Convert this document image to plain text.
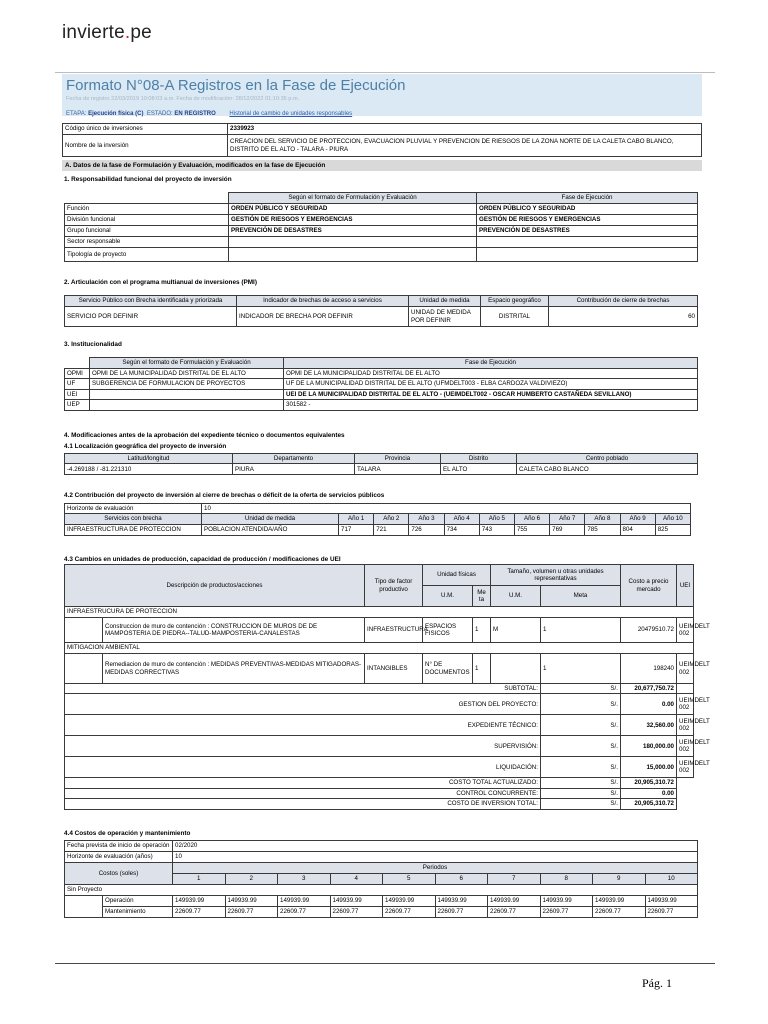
invierte.pe
Formato N°08-A Registros en la Fase de Ejecución
Fecha de registro 22/03/2019 10:08:03 a.m. Fecha de modificación: 28/12/2022 01:10:35 p.m.
ETAPA: Ejecución física (C) ESTADO: EN REGISTRO Historial de cambio de unidades responsables
Código único de inversiones	2339923
Nombre de la inversión	CREACION DEL SERVICIO DE PROTECCION, EVACUACION PLUVIAL Y PREVENCION DE RIESGOS DE LA ZONA NORTE DE LA CALETA CABO BLANCO, DISTRITO DE EL ALTO - TALARA - PIURA
A. Datos de la fase de Formulación y Evaluación, modificados en la fase de Ejecución
1. Responsabilidad funcional del proyecto de inversión
	Según el formato de Formulación y Evaluación	Fase de Ejecución
Función	ORDEN PÚBLICO Y SEGURIDAD	ORDEN PÚBLICO Y SEGURIDAD
División funcional	GESTIÓN DE RIESGOS Y EMERGENCIAS	GESTIÓN DE RIESGOS Y EMERGENCIAS
Grupo funcional	PREVENCIÓN DE DESASTRES	PREVENCIÓN DE DESASTRES
Sector responsable		
Tipología de proyecto		
2. Articulación con el programa multianual de inversiones (PMI)
Servicio Público con Brecha identificada y priorizada	Indicador de brechas de acceso a servicios	Unidad de medida	Espacio geográfico	Contribución de cierre de brechas
SERVICIO POR DEFINIR	INDICADOR DE BRECHA POR DEFINIR	UNIDAD DE MEDIDA POR DEFINIR	DISTRITAL	60
3. Institucionalidad
	Según el formato de Formulación y Evaluación	Fase de Ejecución
OPMI	OPMI DE LA MUNICIPALIDAD DISTRITAL DE EL ALTO	OPMI DE LA MUNICIPALIDAD DISTRITAL DE EL ALTO
UF	SUBGERENCIA DE FORMULACION DE PROYECTOS	UF DE LA MUNICIPALIDAD DISTRITAL DE EL ALTO (UFMDELT003 - ELBA CARDOZA VALDIVIEZO)
UEI		UEI DE LA MUNICIPALIDAD DISTRITAL DE EL ALTO - (UEIMDELT002 - OSCAR HUMBERTO CASTAÑEDA SEVILLANO)
UEP		301582 -
4. Modificaciones antes de la aprobación del expediente técnico o documentos equivalentes
4.1 Localización geográfica del proyecto de inversión
Latitud/longitud	Departamento	Provincia	Distrito	Centro poblado
-4.269188 / -81.221310	PIURA	TALARA	EL ALTO	CALETA CABO BLANCO
4.2 Contribución del proyecto de inversión al cierre de brechas o déficit de la oferta de servicios públicos
Horizonte de evaluación	10										
Servicios con brecha	Unidad de medida	Año 1	Año 2	Año 3	Año 4	Año 5	Año 6	Año 7	Año 8	Año 9	Año 10
INFRAESTRUCTURA DE PROTECCION	POBLACION ATENDIDA/AÑO	717	721	726	734	743	755	769	785	804	825
4.3 Cambios en unidades de producción, capacidad de producción / modificaciones de UEI
Descripción de productos/acciones		Tipo de factor productivo	Unidad físicas		Tamaño, volumen u otras unidades representativas		Costo a precio mercado	UEI
			U.M.	Me ta	U.M.	Meta		
INFRAESTRUCURA DE PROTECCION								
	Construccion de muro de contención : CONSTRUCCION DE MUROS DE DE MAMPOSTERIA DE PIEDRA--TALUD-MAMPOSTERIA-CANALESTAS	INFRAESTRUCTURA	ESPACIOS FISICOS	1	M	1	20479510.72	UEIMDELT 002
MITIGACION AMBIENTAL								
	Remediacion de muro de contención : MEDIDAS PREVENTIVAS-MEDIDAS MITIGADORAS-MEDIDAS CORRECTIVAS	INTANGIBLES	N° DE DOCUMENTOS	1		1	198240	UEIMDELT 002
SUBTOTAL:						S/.	20,677,750.72	
GESTION DEL PROYECTO:						S/.	0.00	UEIMDELT 002
EXPEDIENTE TÉCNICO:						S/.	32,560.00	UEIMDELT 002
SUPERVISIÓN:						S/.	180,000.00	UEIMDELT 002
LIQUIDACIÓN:						S/.	15,000.00	UEIMDELT 002
COSTO TOTAL ACTUALIZADO:						S/.	20,905,310.72	
CONTROL CONCURRENTE:						S/.	0.00	
COSTO DE INVERSION TOTAL:						S/.	20,905,310.72	
4.4 Costos de operación y mantenimiento
Fecha prevista de inicio de operación		02/2020									
Horizonte de evaluación (años)		10									
Costos (soles)		Periodos									
		1	2	3	4	5	6	7	8	9	10
Sin Proyecto											
	Operación	149939.99	149939.99	149939.99	149939.99	149939.99	149939.99	149939.99	149939.99	149939.99	149939.99
	Mantenimiento	22609.77	22609.77	22609.77	22609.77	22609.77	22609.77	22609.77	22609.77	22609.77	22609.77
Pág. 1
